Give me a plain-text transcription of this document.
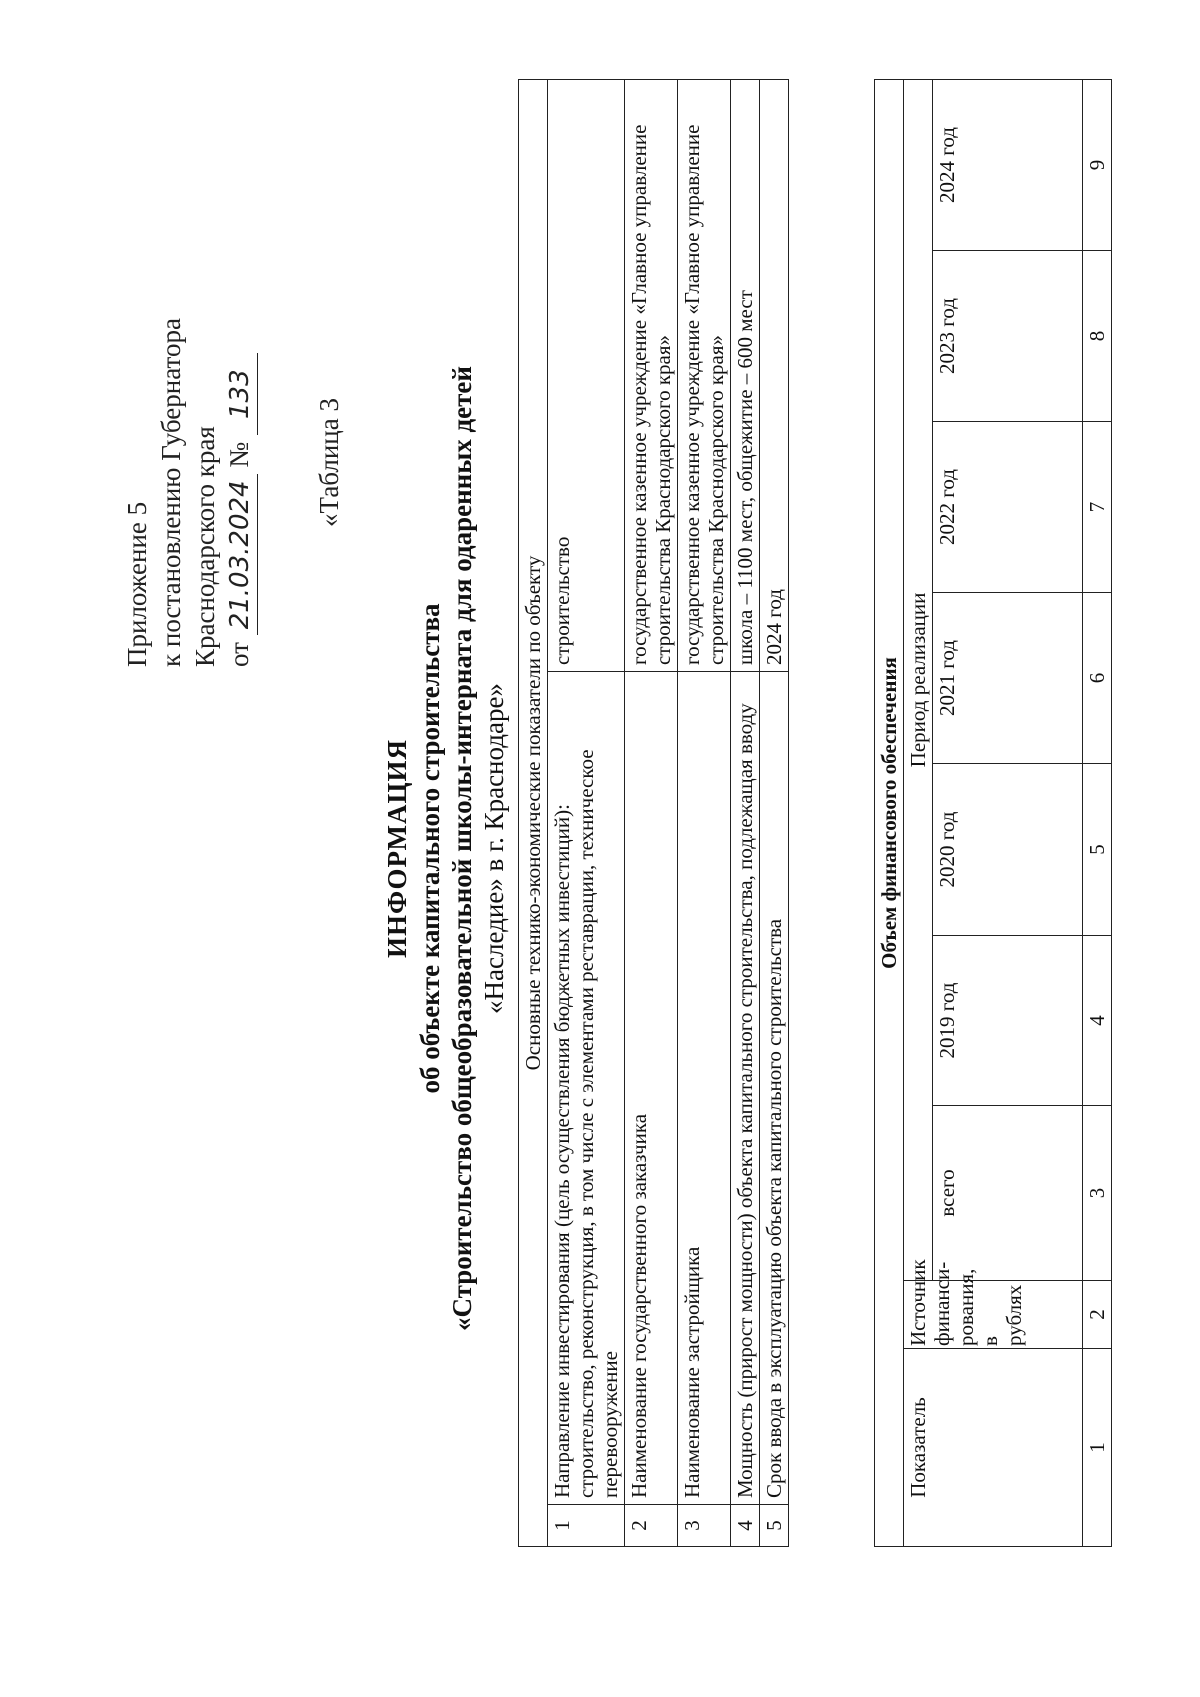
Приложение 5 к постановлению Губернатора Краснодарского края от 21.03.2024 № 133
«Таблица 3
ИНФОРМАЦИЯ об объекте капитального строительства «Строительство общеобразовательной школы-интерната для одаренных детей «Наследие» в г. Краснодаре» Основные технико-экономические показатели по объекту		
1	Направление инвестирования (цель осуществления бюджетных инвестиций): строительство, реконструкция, в том числе с элементами реставрации, техническое перевооружение	строительство
2	Наименование государственного заказчика	государственное казенное учреждение «Главное управление строительства Краснодарского края»
3	Наименование застройщика	государственное казенное учреждение «Главное управление строительства Краснодарского края»
4	Мощность (прирост мощности) объекта капитального строительства, подлежащая вводу	школа – 1100 мест, общежитие – 600 мест
5	Срок ввода в эксплуатацию объекта капитального строительства	2024 год
Объем финансового обеспечения								
Показатель	Источник финанси-рования, в рублях	Период реализации						
		всего	2019 год	2020 год	2021 год	2022 год	2023 год	2024 год
1	2	3	4	5	6	7	8	9
